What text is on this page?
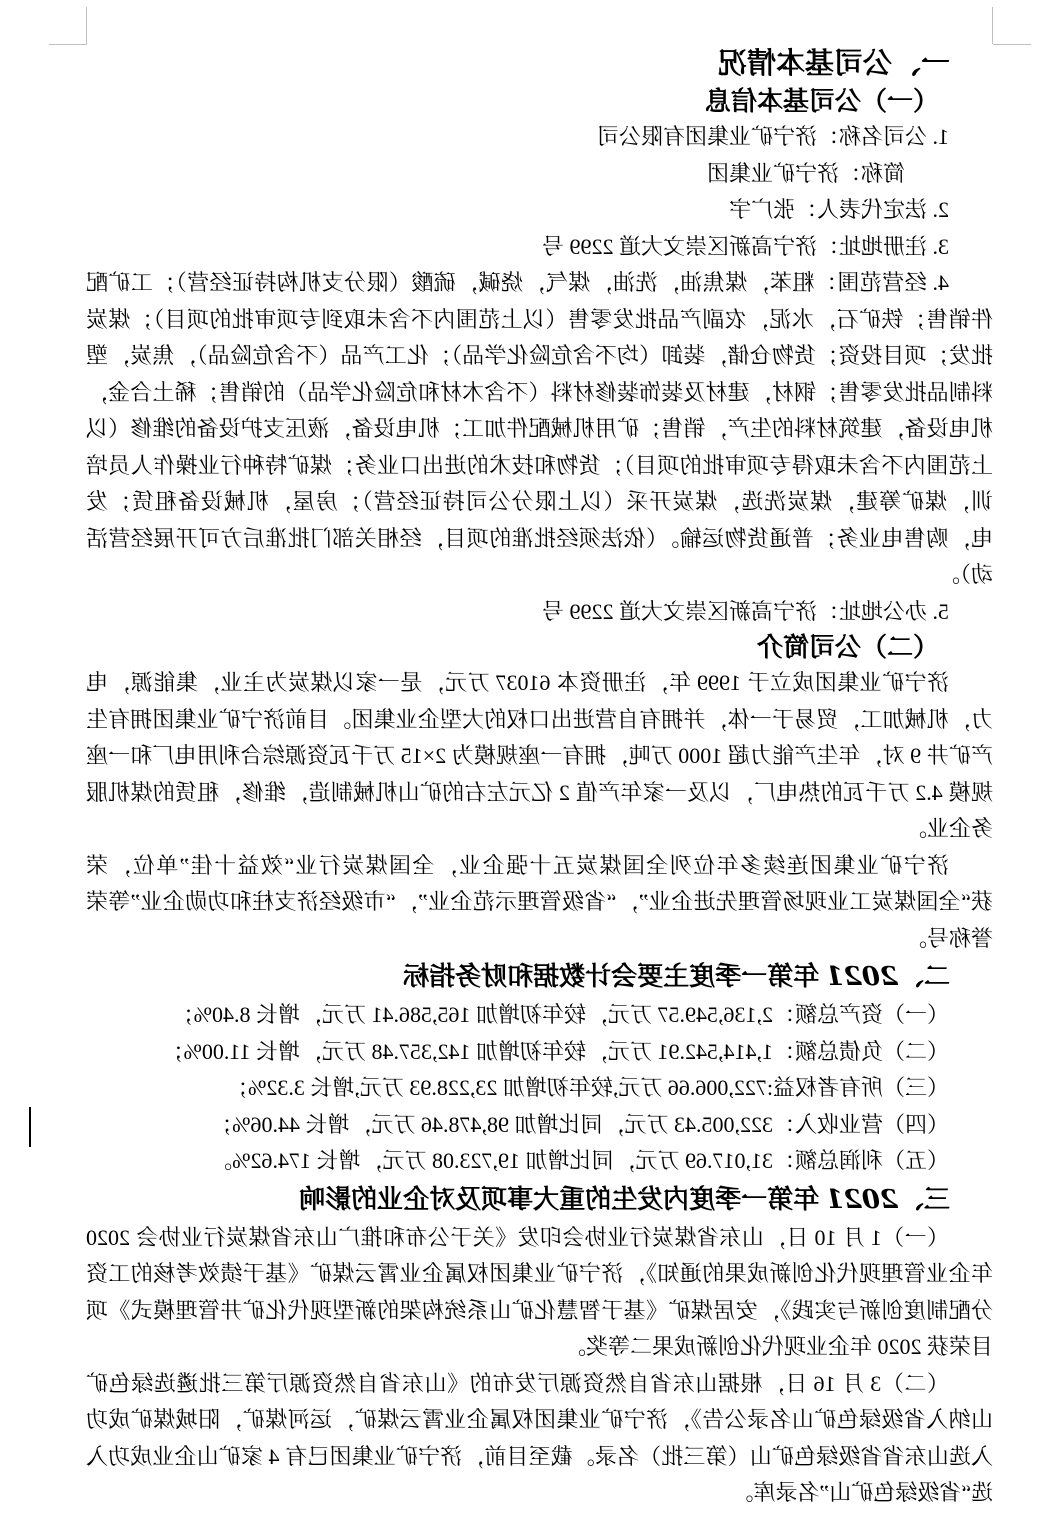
一、公司基本情况

（一）公司基本信息

1. 公司名称：济宁矿业集团有限公司

简称：济宁矿业集团

2. 法定代表人：张广宇

3. 注册地址：济宁高新区崇文大道 2299 号

4. 经营范围：粗苯，煤焦油，洗油，煤气，烧碱，硫酸（限分支机构持证经营）；工矿配件销售；铁矿石，水泥，农副产品批发零售（以上范围内不含未取到专项审批的项目）；煤炭批发；项目投资；货物仓储，装卸（均不含危险化学品）；化工产品（不含危险品），焦炭，塑料制品批发零售；钢材，建材及装饰装修材料（不含木材和危险化学品）的销售；稀土合金，机电设备，建筑材料的生产，销售；矿用机械配件加工；机电设备，液压支护设备的维修（以上范围内不含未取得专项审批的项目）；货物和技术的进出口业务；煤矿特种行业操作人员培训，煤矿筹建，煤炭洗选，煤炭开采（以上限分公司持证经营）；房屋，机械设备租赁；发电，购售电业务；普通货物运输。（依法须经批准的项目，经相关部门批准后方可开展经营活动）。

5. 办公地址：济宁高新区崇文大道 2299 号

（二）公司简介

济宁矿业集团成立于 1999 年，注册资本 61037 万元，是一家以煤炭为主业，集能源，电力，机械加工，贸易于一体，并拥有自营进出口权的大型企业集团。目前济宁矿业集团拥有生产矿井 9 对，年生产能力超 1000 万吨，拥有一座规模为 2×15 万千瓦资源综合利用电厂和一座规模 4.2 万千瓦的热电厂，以及一家年产值 2 亿元左右的矿山机械制造，维修，租赁的煤机服务企业。

济宁矿业集团连续多年位列全国煤炭五十强企业，全国煤炭行业“效益十佳”单位，荣获“全国煤炭工业现场管理先进企业”，“省级管理示范企业”，“市级经济支柱和功勋企业”等荣誉称号。

二、2021 年第一季度主要会计数据和财务指标

（一）资产总额：2,136,549.57 万元，较年初增加 165,586.41 万元，增长 8.40%；

（二）负债总额：1,414,542.91 万元，较年初增加 142,357.48 万元，增长 11.00%；

（三）所有者权益:722,006.66 万元,较年初增加 23,228.93 万元,增长 3.32%；

（四）营业收入：322,005.43 万元，同比增加 98,478.46 万元，增长 44.06%；

（五）利润总额：31,017.69 万元，同比增加 19,723.08 万元，增长 174.62%。

三、2021 年第一季度内发生的重大事项及对企业的影响

（一）1 月 10 日，山东省煤炭行业协会印发《关于公布和推广山东省煤炭行业协会 2020 年企业管理现代化创新成果的通知》，济宁矿业集团权属企业霄云煤矿《基于绩效考核的工资分配制度创新与实践》，安居煤矿《基于智慧化矿山系统构架的新型现代化矿井管理模式》项目荣获 2020 年企业现代化创新成果二等奖。

（二）3 月 16 日，根据山东省自然资源厅发布的《山东省自然资源厅第三批遴选绿色矿山纳入省级绿色矿山名录公告》，济宁矿业集团权属企业霄云煤矿，运河煤矿，阳城煤矿成功入选山东省省级绿色矿山（第三批）名录。截至目前，济宁矿业集团已有 4 家矿山企业成功入选“省级绿色矿山”名录库。
